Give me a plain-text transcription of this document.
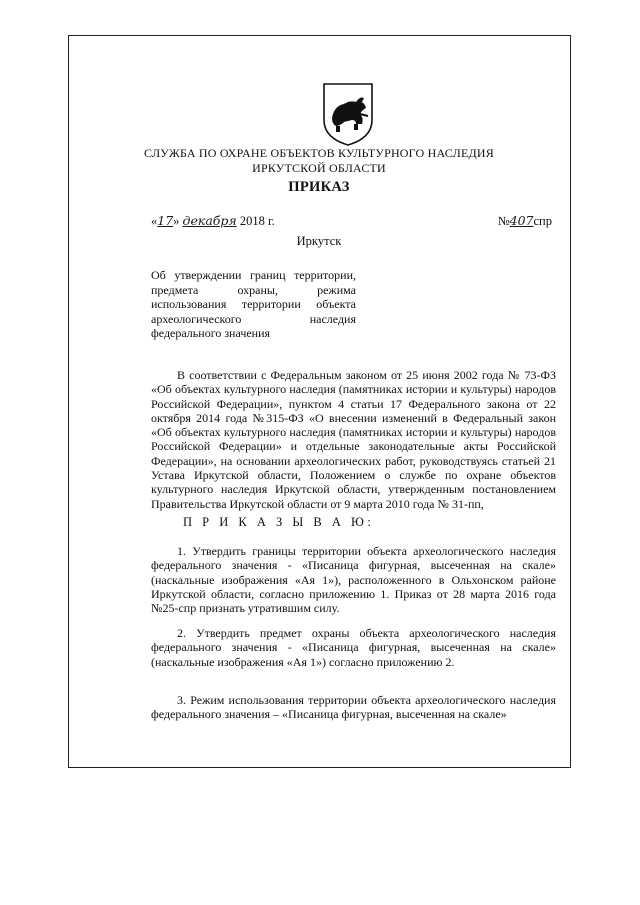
СЛУЖБА ПО ОХРАНЕ ОБЪЕКТОВ КУЛЬТУРНОГО НАСЛЕДИЯ
ИРКУТСКОЙ ОБЛАСТИ
ПРИКАЗ
«17» декабря 2018 г.	№407спр
Иркутск
Об утверждении границ территории, предмета охраны, режима использования территории объекта археологического наследия федерального значения

В соответствии с Федеральным законом от 25 июня 2002 года № 73-ФЗ «Об объектах культурного наследия (памятниках истории и культуры) народов Российской Федерации», пунктом 4 статьи 17 Федерального закона от 22 октября 2014 года №315-ФЗ «О внесении изменений в Федеральный закон «Об объектах культурного наследия (памятниках истории и культуры) народов Российской Федерации» и отдельные законодательные акты Российской Федерации», на основании археологических работ, руководствуясь статьей 21 Устава Иркутской области, Положением о службе по охране объектов культурного наследия Иркутской области, утвержденным постановлением Правительства Иркутской области от 9 марта 2010 года № 31-пп,

П Р И К А З Ы В А Ю:

1. Утвердить границы территории объекта археологического наследия федерального значения - «Писаница фигурная, высеченная на скале» (наскальные изображения «Ая 1»), расположенного в Ольхонском районе Иркутской области, согласно приложению 1. Приказ от 28 марта 2016 года №25-спр признать утратившим силу.

2. Утвердить предмет охраны объекта археологического наследия федерального значения - «Писаница фигурная, высеченная на скале» (наскальные изображения «Ая 1») согласно приложению 2.

3. Режим использования территории объекта археологического наследия федерального значения – «Писаница фигурная, высеченная на скале»
